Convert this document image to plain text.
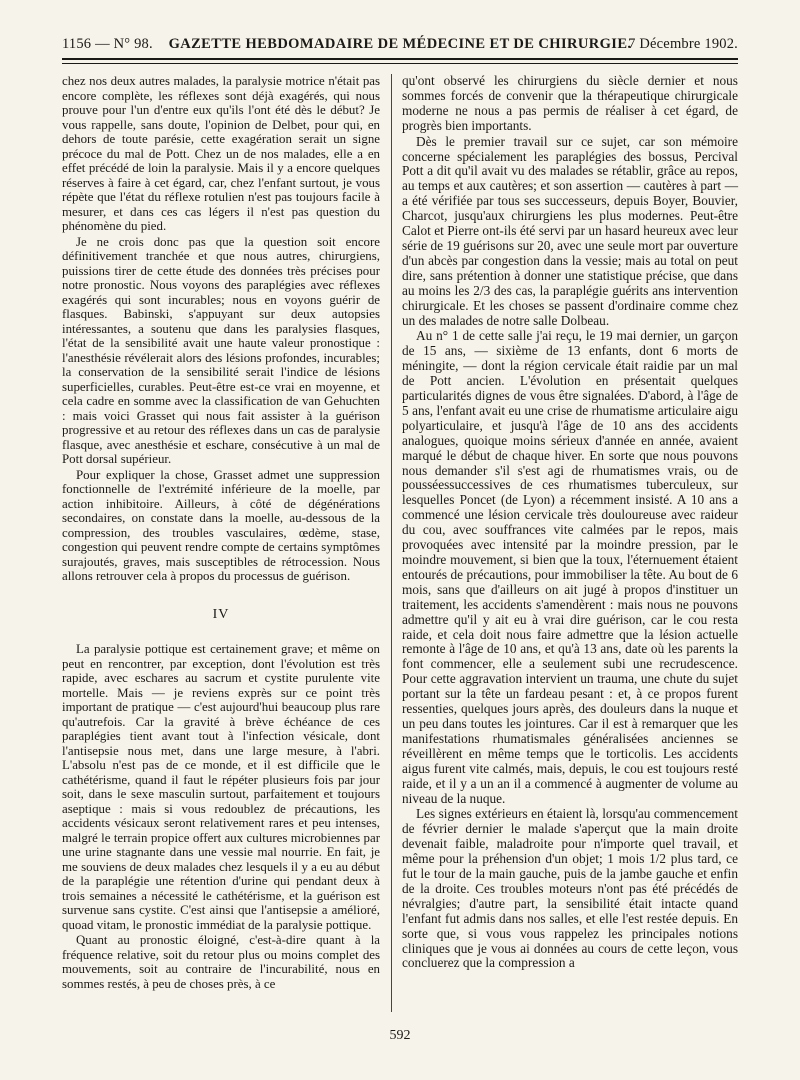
GAZETTE HEBDOMADAIRE DE MÉDECINE ET DE CHIRURGIE.
1156 — N° 98.	7 Décembre 1902.

chez nos deux autres malades, la paralysie motrice n'était pas encore complète, les réflexes sont déjà exagérés, qui nous prouve pour l'un d'entre eux qu'ils l'ont été dès le début? Je vous rappelle, sans doute, l'opinion de Delbet, pour qui, en dehors de toute parésie, cette exagération serait un signe précoce du mal de Pott. Chez un de nos malades, elle a en effet précédé de loin la paralysie. Mais il y a encore quelques réserves à faire à cet égard, car, chez l'enfant surtout, je vous répète que l'état du réflexe rotulien n'est pas toujours facile à mesurer, et dans ces cas légers il n'est pas question du phénomène du pied.

Je ne crois donc pas que la question soit encore définitivement tranchée et que nous autres, chirurgiens, puissions tirer de cette étude des données très précises pour notre pronostic. Nous voyons des paraplégies avec réflexes exagérés qui sont incurables; nous en voyons guérir de flasques. Babinski, s'appuyant sur deux autopsies intéressantes, a soutenu que dans les paralysies flasques, l'état de la sensibilité avait une haute valeur pronostique : l'anesthésie révélerait alors des lésions profondes, incurables; la conservation de la sensibilité serait l'indice de lésions superficielles, curables. Peut-être est-ce vrai en moyenne, et cela cadre en somme avec la classification de van Gehuchten : mais voici Grasset qui nous fait assister à la guérison progressive et au retour des réflexes dans un cas de paralysie flasque, avec anesthésie et eschare, consécutive à un mal de Pott dorsal supérieur.

Pour expliquer la chose, Grasset admet une suppression fonctionnelle de l'extrémité inférieure de la moelle, par action inhibitoire. Ailleurs, à côté de dégénérations secondaires, on constate dans la moelle, au-dessous de la compression, des troubles vasculaires, œdème, stase, congestion qui peuvent rendre compte de certains symptômes surajoutés, graves, mais susceptibles de rétrocession. Nous allons retrouver cela à propos du processus de guérison.

IV

La paralysie pottique est certainement grave; et même on peut en rencontrer, par exception, dont l'évolution est très rapide, avec eschares au sacrum et cystite purulente vite mortelle. Mais — je reviens exprès sur ce point très important de pratique — c'est aujourd'hui beaucoup plus rare qu'autrefois. Car la gravité à brève échéance de ces paraplégies tient avant tout à l'infection vésicale, dont l'antisepsie nous met, dans une large mesure, à l'abri. L'absolu n'est pas de ce monde, et il est difficile que le cathétérisme, quand il faut le répéter plusieurs fois par jour soit, dans le sexe masculin surtout, parfaitement et toujours aseptique : mais si vous redoublez de précautions, les accidents vésicaux seront relativement rares et peu intenses, malgré le terrain propice offert aux cultures microbiennes par une urine stagnante dans une vessie mal nourrie. En fait, je me souviens de deux malades chez lesquels il y a eu au début de la paraplégie une rétention d'urine qui pendant deux à trois semaines a nécessité le cathétérisme, et la guérison est survenue sans cystite. C'est ainsi que l'antisepsie a amélioré, quoad vitam, le pronostic immédiat de la paralysie pottique.

Quant au pronostic éloigné, c'est-à-dire quant à la fréquence relative, soit du retour plus ou moins complet des mouvements, soit au contraire de l'incurabilité, nous en sommes restés, à peu de choses près, à ce

qu'ont observé les chirurgiens du siècle dernier et nous sommes forcés de convenir que la thérapeutique chirurgicale moderne ne nous a pas permis de réaliser à cet égard, de progrès bien importants.

Dès le premier travail sur ce sujet, car son mémoire concerne spécialement les paraplégies des bossus, Percival Pott a dit qu'il avait vu des malades se rétablir, grâce au repos, au temps et aux cautères; et son assertion — cautères à part — a été vérifiée par tous ses successeurs, depuis Boyer, Bouvier, Charcot, jusqu'aux chirurgiens les plus modernes. Peut-être Calot et Pierre ont-ils été servi par un hasard heureux avec leur série de 19 guérisons sur 20, avec une seule mort par ouverture d'un abcès par congestion dans la vessie; mais au total on peut dire, sans prétention à donner une statistique précise, que dans au moins les 2/3 des cas, la paraplégie guérits ans intervention chirurgicale. Et les choses se passent d'ordinaire comme chez un des malades de notre salle Dolbeau.

Au n° 1 de cette salle j'ai reçu, le 19 mai dernier, un garçon de 15 ans, — sixième de 13 enfants, dont 6 morts de méningite, — dont la région cervicale était raidie par un mal de Pott ancien. L'évolution en présentait quelques particularités dignes de vous être signalées. D'abord, à l'âge de 5 ans, l'enfant avait eu une crise de rhumatisme articulaire aigu polyarticulaire, et jusqu'à l'âge de 10 ans des accidents analogues, quoique moins sérieux d'année en année, avaient marqué le début de chaque hiver. En sorte que nous pouvons nous demander s'il s'est agi de rhumatismes vrais, ou de pousséessuccessives de ces rhumatismes tuberculeux, sur lesquelles Poncet (de Lyon) a récemment insisté. A 10 ans a commencé une lésion cervicale très douloureuse avec raideur du cou, avec souffrances vite calmées par le repos, mais provoquées avec intensité par la moindre pression, par le moindre mouvement, si bien que la toux, l'éternuement étaient entourés de précautions, pour immobiliser la tête. Au bout de 6 mois, sans que d'ailleurs on ait jugé à propos d'instituer un traitement, les accidents s'amendèrent : mais nous ne pouvons admettre qu'il y ait eu à vrai dire guérison, car le cou resta raide, et cela doit nous faire admettre que la lésion actuelle remonte à l'âge de 10 ans, et qu'à 13 ans, date où les parents la font commencer, elle a seulement subi une recrudescence. Pour cette aggravation intervient un trauma, une chute du sujet portant sur la tête un fardeau pesant : et, à ce propos furent ressenties, quelques jours après, des douleurs dans la nuque et un peu dans toutes les jointures. Car il est à remarquer que les manifestations rhumatismales généralisées anciennes se réveillèrent en même temps que le torticolis. Les accidents aigus furent vite calmés, mais, depuis, le cou est toujours resté raide, et il y a un an il a commencé à augmenter de volume au niveau de la nuque.

Les signes extérieurs en étaient là, lorsqu'au commencement de février dernier le malade s'aperçut que la main droite devenait faible, maladroite pour n'importe quel travail, et même pour la préhension d'un objet; 1 mois 1/2 plus tard, ce fut le tour de la main gauche, puis de la jambe gauche et enfin de la droite. Ces troubles moteurs n'ont pas été précédés de névralgies; d'autre part, la sensibilité était intacte quand l'enfant fut admis dans nos salles, et elle l'est restée depuis. En sorte que, si vous vous rappelez les principales notions cliniques que je vous ai données au cours de cette leçon, vous concluerez que la compression a

592
